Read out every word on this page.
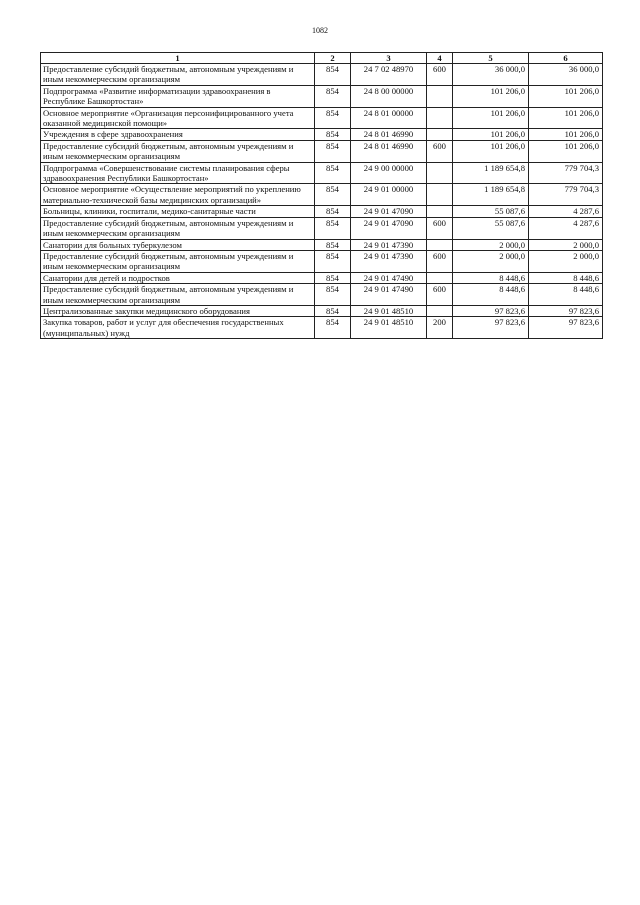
1082
1	2	3	4	5	6
Предоставление субсидий бюджетным, автономным учреждениям и иным некоммерческим организациям	854	24 7 02 48970	600	36 000,0	36 000,0
Подпрограмма «Развитие информатизации здравоохранения в Республике Башкортостан»	854	24 8 00 00000		101 206,0	101 206,0
Основное мероприятие «Организация персонифицированного учета оказанной медицинской помощи»	854	24 8 01 00000		101 206,0	101 206,0
Учреждения в сфере здравоохранения	854	24 8 01 46990		101 206,0	101 206,0
Предоставление субсидий бюджетным, автономным учреждениям и иным некоммерческим организациям	854	24 8 01 46990	600	101 206,0	101 206,0
Подпрограмма «Совершенствование системы планирования сферы здравоохранения Республики Башкортостан»	854	24 9 00 00000		1 189 654,8	779 704,3
Основное мероприятие «Осуществление мероприятий по укреплению материально-технической базы медицинских организаций»	854	24 9 01 00000		1 189 654,8	779 704,3
Больницы, клиники, госпитали, медико-санитарные части	854	24 9 01 47090		55 087,6	4 287,6
Предоставление субсидий бюджетным, автономным учреждениям и иным некоммерческим организациям	854	24 9 01 47090	600	55 087,6	4 287,6
Санатории для больных туберкулезом	854	24 9 01 47390		2 000,0	2 000,0
Предоставление субсидий бюджетным, автономным учреждениям и иным некоммерческим организациям	854	24 9 01 47390	600	2 000,0	2 000,0
Санатории для детей и подростков	854	24 9 01 47490		8 448,6	8 448,6
Предоставление субсидий бюджетным, автономным учреждениям и иным некоммерческим организациям	854	24 9 01 47490	600	8 448,6	8 448,6
Централизованные закупки медицинского оборудования	854	24 9 01 48510		97 823,6	97 823,6
Закупка товаров, работ и услуг для обеспечения государственных (муниципальных) нужд	854	24 9 01 48510	200	97 823,6	97 823,6
